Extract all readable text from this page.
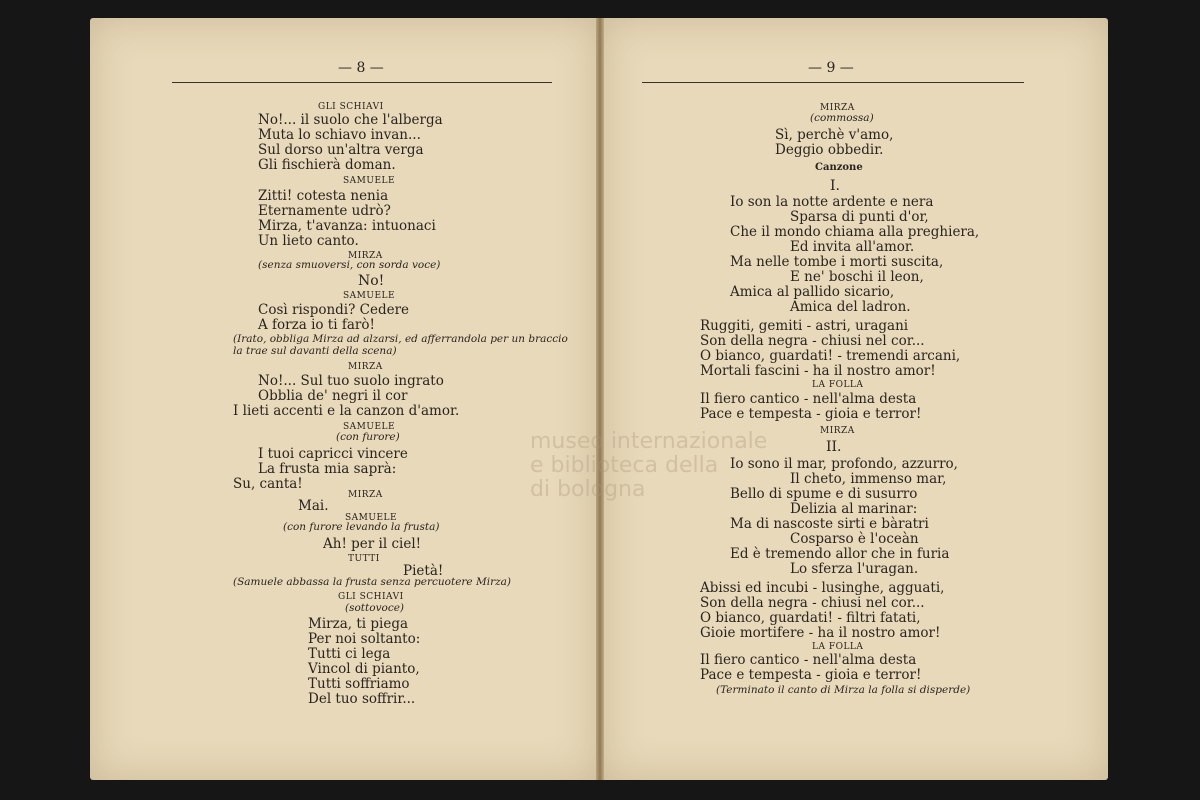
museo internazionale
e biblioteca della
di bologna
— 8 —
GLI SCHIAVI
No!... il suolo che l'alberga
Muta lo schiavo invan...
Sul dorso un'altra verga
Gli fischierà doman.
SAMUELE
Zitti! cotesta nenia
Eternamente udrò?
Mirza, t'avanza: intuonaci
Un lieto canto.
MIRZA
(senza smuoversi, con sorda voce)
No!
SAMUELE
Così rispondi? Cedere
A forza io ti farò!
(Irato, obbliga Mirza ad alzarsi, ed afferrandola per un braccio
la trae sul davanti della scena)
MIRZA
No!... Sul tuo suolo ingrato
Obblia de' negri il cor
I lieti accenti e la canzon d'amor.
SAMUELE
(con furore)
I tuoi capricci vincere
La frusta mia saprà:
Su, canta!
MIRZA
Mai.
SAMUELE
(con furore levando la frusta)
Ah! per il ciel!
TUTTI
Pietà!
(Samuele abbassa la frusta senza percuotere Mirza)
GLI SCHIAVI
(sottovoce)
Mirza, ti piega
Per noi soltanto:
Tutti ci lega
Vincol di pianto,
Tutti soffriamo
Del tuo soffrir...
— 9 —
MIRZA
(commossa)
Sì, perchè v'amo,
Deggio obbedir.
Canzone
I.
Io son la notte ardente e nera
Sparsa di punti d'or,
Che il mondo chiama alla preghiera,
Ed invita all'amor.
Ma nelle tombe i morti suscita,
E ne' boschi il leon,
Amica al pallido sicario,
Amica del ladron.
Ruggiti, gemiti - astri, uragani
Son della negra - chiusi nel cor...
O bianco, guardati! - tremendi arcani,
Mortali fascini - ha il nostro amor!
LA FOLLA
Il fiero cantico - nell'alma desta
Pace e tempesta - gioia e terror!
MIRZA
II.
Io sono il mar, profondo, azzurro,
Il cheto, immenso mar,
Bello di spume e di susurro
Delizia al marinar:
Ma di nascoste sirti e bàratri
Cosparso è l'oceàn
Ed è tremendo allor che in furia
Lo sferza l'uragan.
Abissi ed incubi - lusinghe, agguati,
Son della negra - chiusi nel cor...
O bianco, guardati! - filtri fatati,
Gioie mortifere - ha il nostro amor!
LA FOLLA
Il fiero cantico - nell'alma desta
Pace e tempesta - gioia e terror!
(Terminato il canto di Mirza la folla si disperde)
